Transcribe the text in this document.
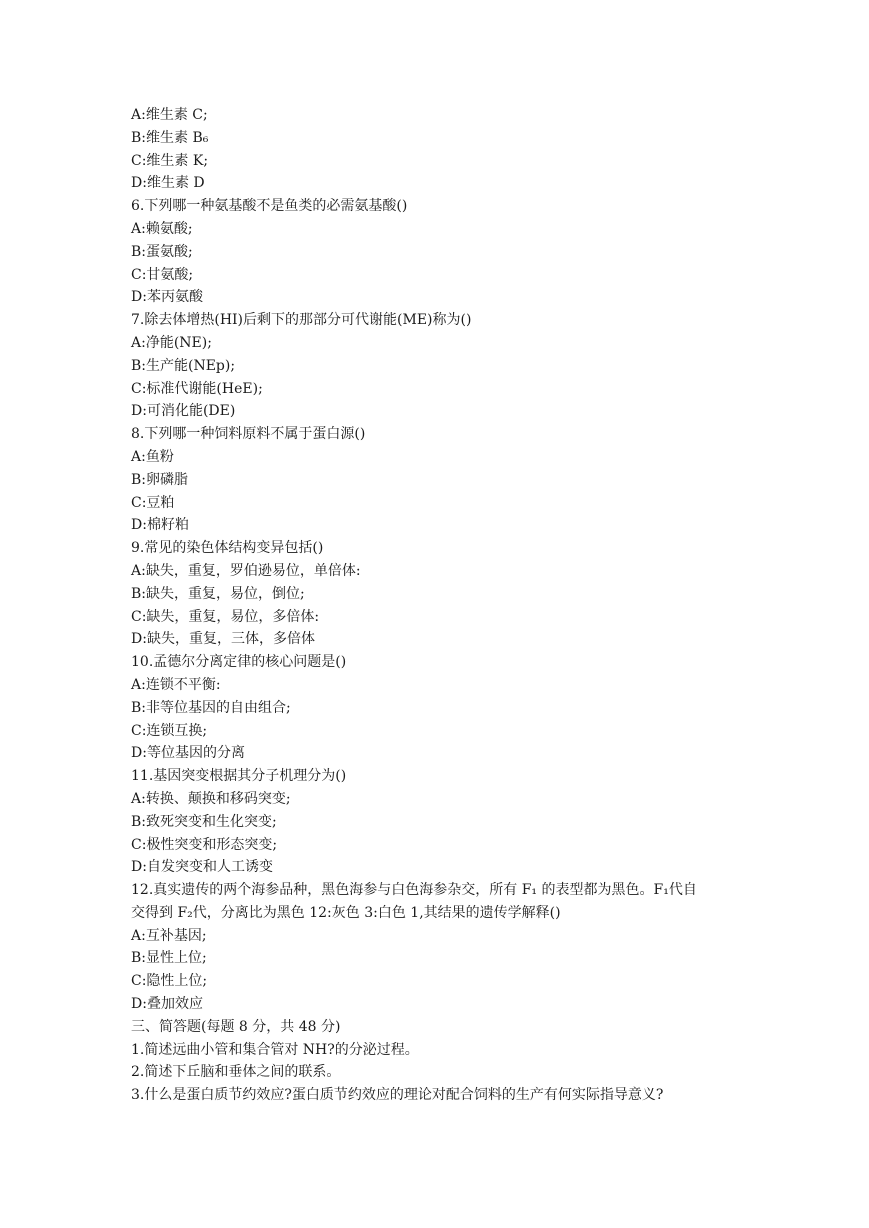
A:维生素 C;
B:维生素 B₆
C:维生素 K;
D:维生素 D
6.下列哪一种氨基酸不是鱼类的必需氨基酸()
A:赖氨酸;
B:蛋氨酸;
C:甘氨酸;
D:苯丙氨酸
7.除去体增热(HI)后剩下的那部分可代谢能(ME)称为()
A:净能(NE);
B:生产能(NEp);
C:标准代谢能(HeE);
D:可消化能(DE)
8.下列哪一种饲料原料不属于蛋白源()
A:鱼粉
B:卵磷脂
C:豆粕
D:棉籽粕
9.常见的染色体结构变异包括()
A:缺失，重复，罗伯逊易位，单倍体:
B:缺失，重复，易位，倒位;
C:缺失，重复，易位，多倍体:
D:缺失，重复，三体，多倍体
10.孟德尔分离定律的核心问题是()
A:连锁不平衡:
B:非等位基因的自由组合;
C:连锁互换;
D:等位基因的分离
11.基因突变根据其分子机理分为()
A:转换、颠换和移码突变;
B:致死突变和生化突变;
C:极性突变和形态突变;
D:自发突变和人工诱变
12.真实遗传的两个海参品种，黑色海参与白色海参杂交，所有 F₁ 的表型都为黑色。F₁代自
交得到 F₂代，分离比为黑色 12:灰色 3:白色 1,其结果的遗传学解释()
A:互补基因;
B:显性上位;
C:隐性上位;
D:叠加效应
三、简答题(每题 8 分，共 48 分)
1.简述远曲小管和集合管对 NH?的分泌过程。
2.简述下丘脑和垂体之间的联系。
3.什么是蛋白质节约效应?蛋白质节约效应的理论对配合饲料的生产有何实际指导意义?
